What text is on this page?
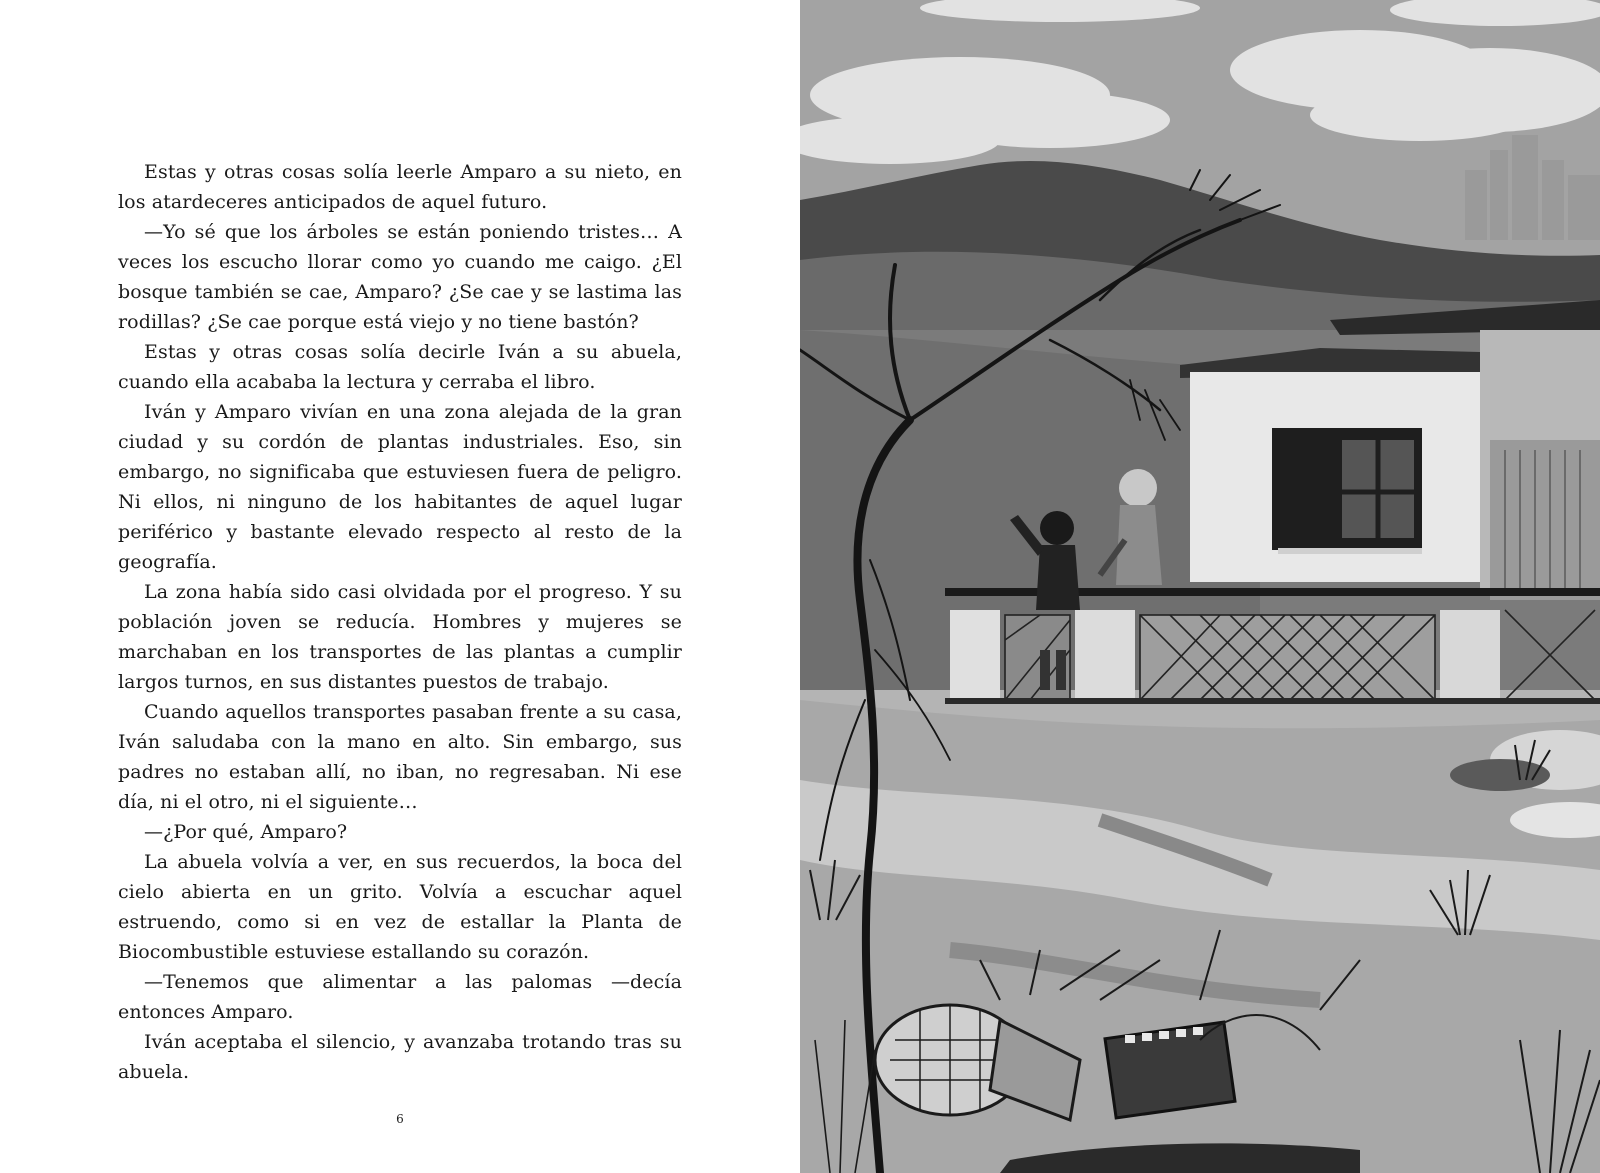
Estas y otras cosas solía leerle Amparo a su nieto, en los atardeceres anticipados de aquel futuro.

—Yo sé que los árboles se están poniendo tristes… A veces los escucho llorar como yo cuando me caigo. ¿El bosque también se cae, Amparo? ¿Se cae y se lastima las rodillas? ¿Se cae porque está viejo y no tiene bastón?

Estas y otras cosas solía decirle Iván a su abuela, cuando ella acababa la lectura y cerraba el libro.

Iván y Amparo vivían en una zona alejada de la gran ciudad y su cordón de plantas industriales. Eso, sin embargo, no significaba que estuviesen fuera de peligro. Ni ellos, ni ninguno de los habitantes de aquel lugar periférico y bastante elevado respecto al resto de la geografía.

La zona había sido casi olvidada por el progreso. Y su población joven se reducía. Hombres y mujeres se marchaban en los transportes de las plantas a cumplir largos turnos, en sus distantes puestos de trabajo.

Cuando aquellos transportes pasaban frente a su casa, Iván saludaba con la mano en alto. Sin embargo, sus padres no estaban allí, no iban, no regresaban. Ni ese día, ni el otro, ni el siguiente…

—¿Por qué, Amparo?

La abuela volvía a ver, en sus recuerdos, la boca del cielo abierta en un grito. Volvía a escuchar aquel estruendo, como si en vez de estallar la Planta de Biocombustible estuviese estallando su corazón.

—Tenemos que alimentar a las palomas —decía entonces Amparo.

Iván aceptaba el silencio, y avanzaba trotando tras su abuela.

6
